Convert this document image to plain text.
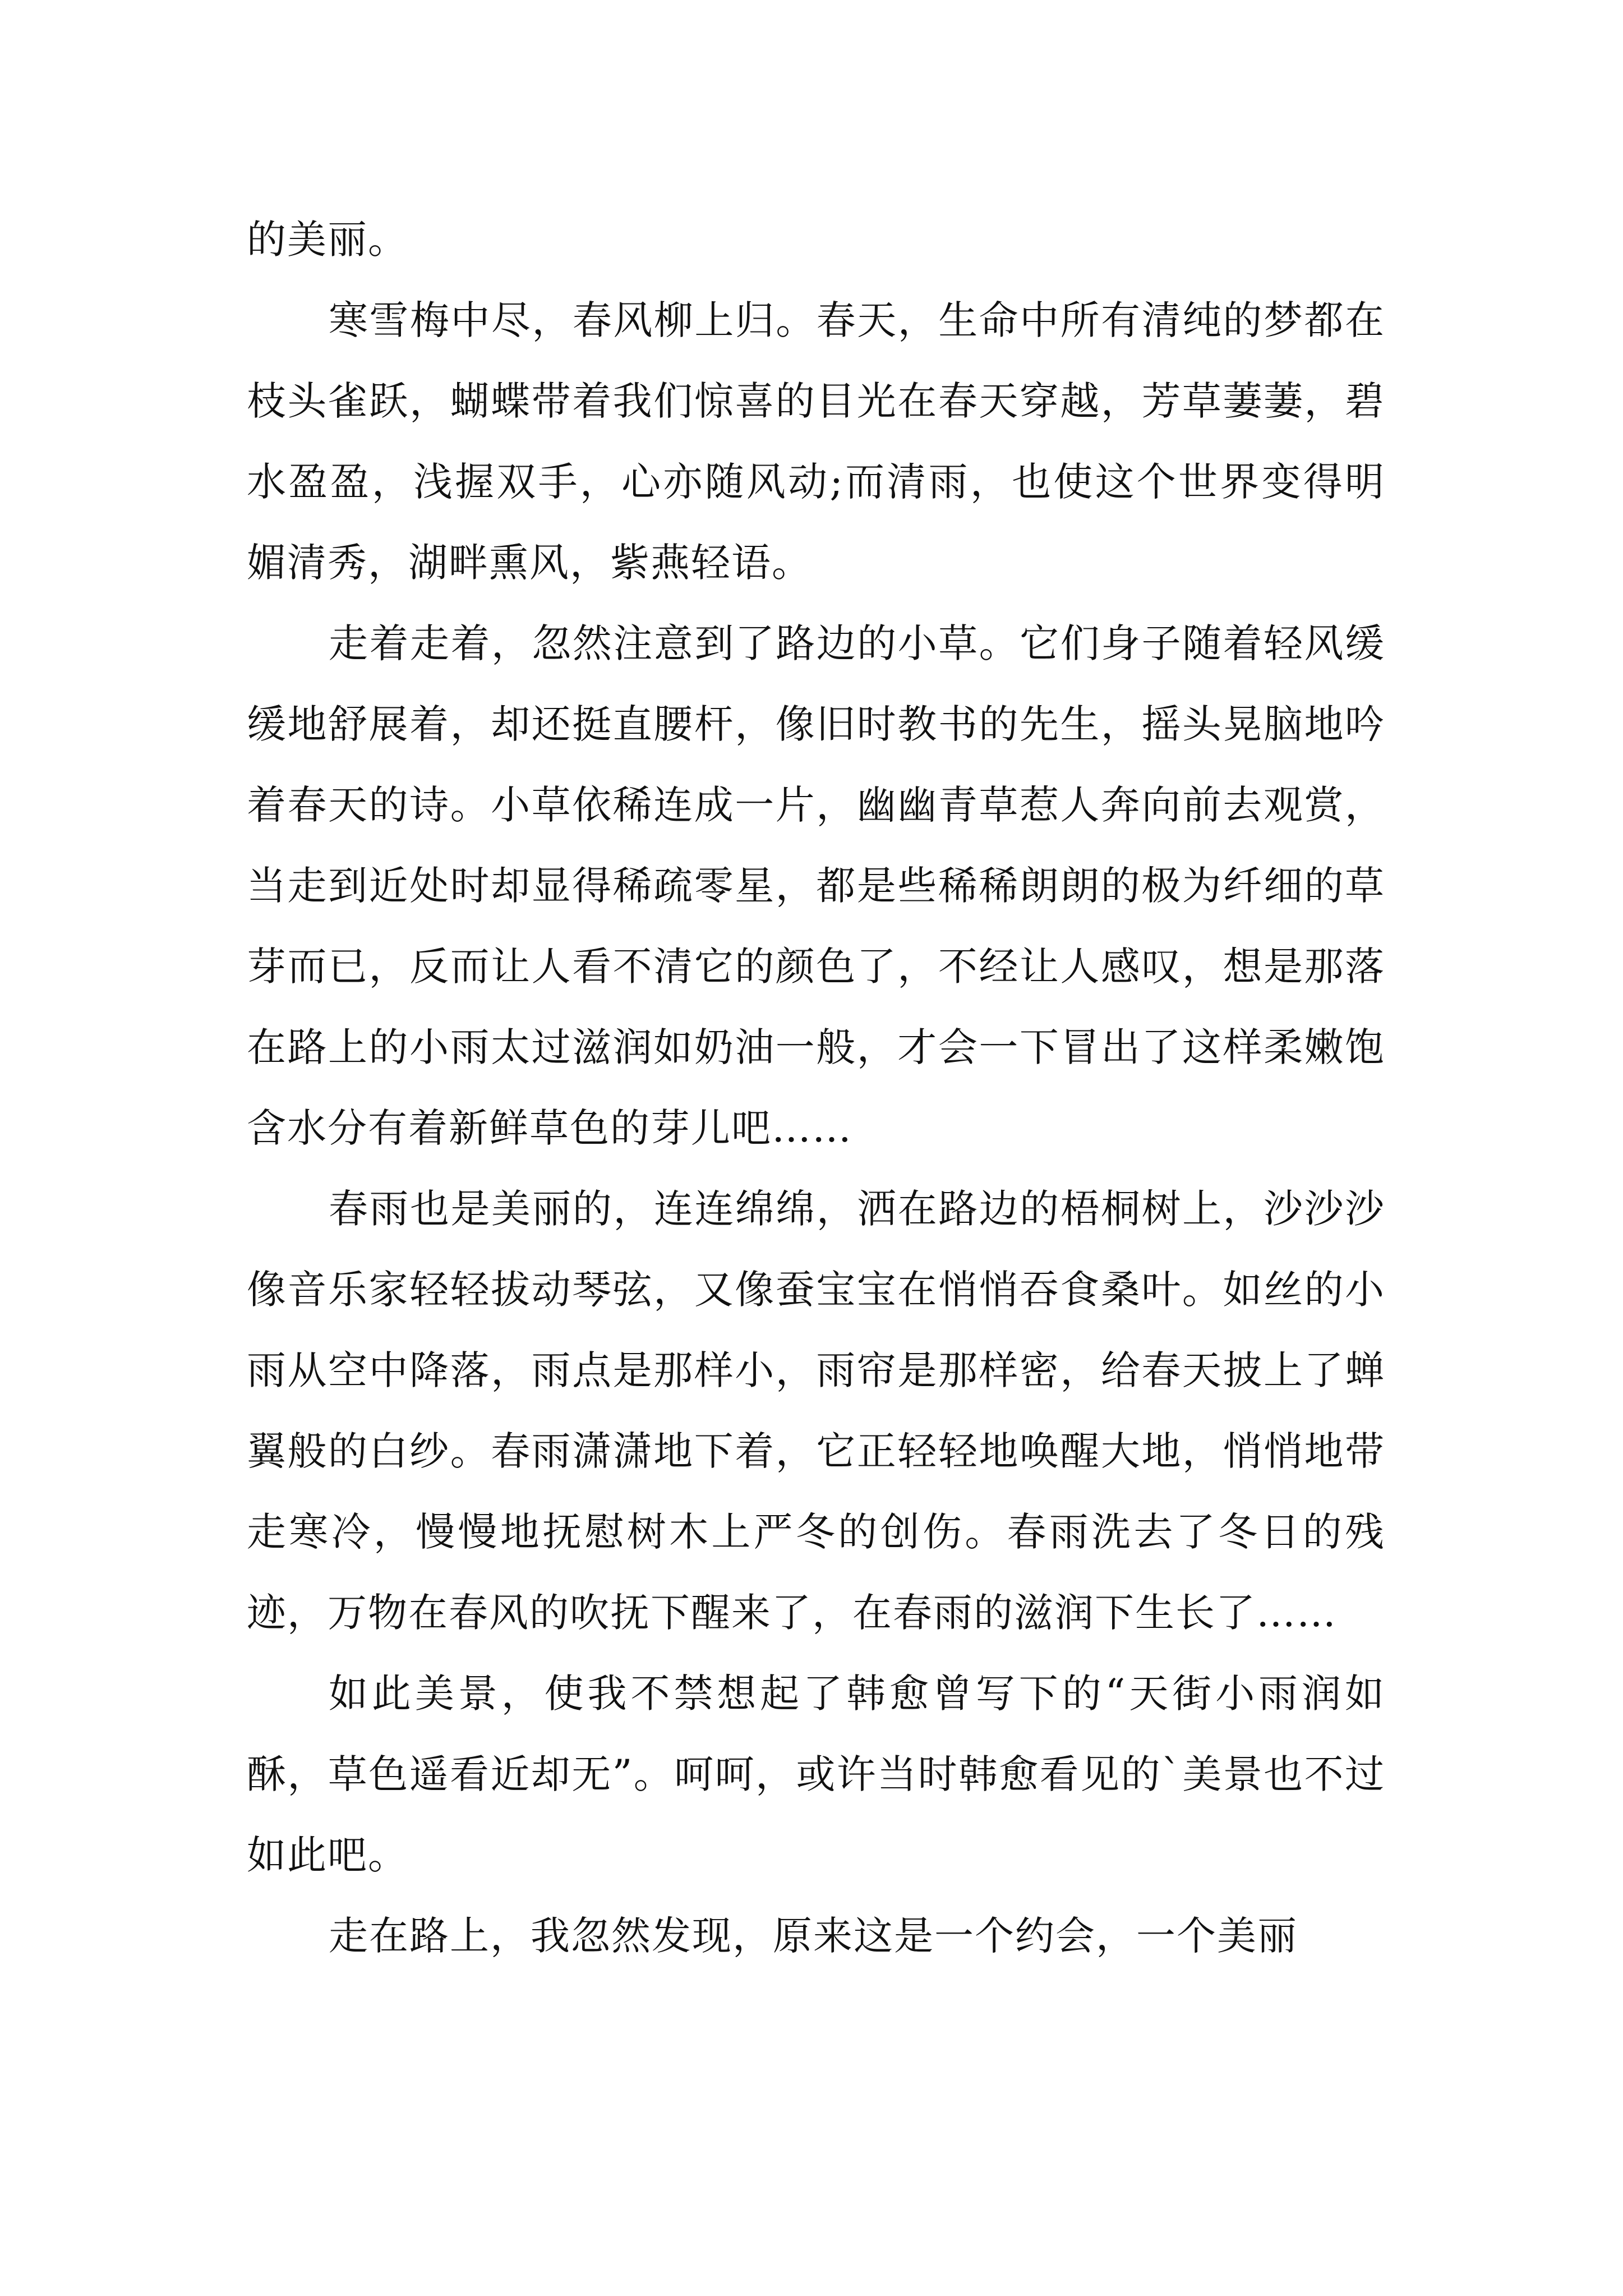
的美丽。

寒雪梅中尽，春风柳上归。春天，生命中所有清纯的梦都在枝头雀跃，蝴蝶带着我们惊喜的目光在春天穿越，芳草萋萋，碧水盈盈，浅握双手，心亦随风动;而清雨，也使这个世界变得明媚清秀，湖畔熏风，紫燕轻语。

走着走着，忽然注意到了路边的小草。它们身子随着轻风缓缓地舒展着，却还挺直腰杆，像旧时教书的先生，摇头晃脑地吟着春天的诗。小草依稀连成一片，幽幽青草惹人奔向前去观赏，当走到近处时却显得稀疏零星，都是些稀稀朗朗的极为纤细的草芽而已，反而让人看不清它的颜色了，不经让人感叹，想是那落在路上的小雨太过滋润如奶油一般，才会一下冒出了这样柔嫩饱含水分有着新鲜草色的芽儿吧……

春雨也是美丽的，连连绵绵，洒在路边的梧桐树上，沙沙沙像音乐家轻轻拔动琴弦，又像蚕宝宝在悄悄吞食桑叶。如丝的小雨从空中降落，雨点是那样小，雨帘是那样密，给春天披上了蝉翼般的白纱。春雨潇潇地下着，它正轻轻地唤醒大地，悄悄地带走寒冷，慢慢地抚慰树木上严冬的创伤。春雨洗去了冬日的残迹，万物在春风的吹抚下醒来了，在春雨的滋润下生长了……

如此美景，使我不禁想起了韩愈曾写下的“天街小雨润如酥，草色遥看近却无”。呵呵，或许当时韩愈看见的`美景也不过如此吧。

走在路上，我忽然发现，原来这是一个约会，一个美丽
